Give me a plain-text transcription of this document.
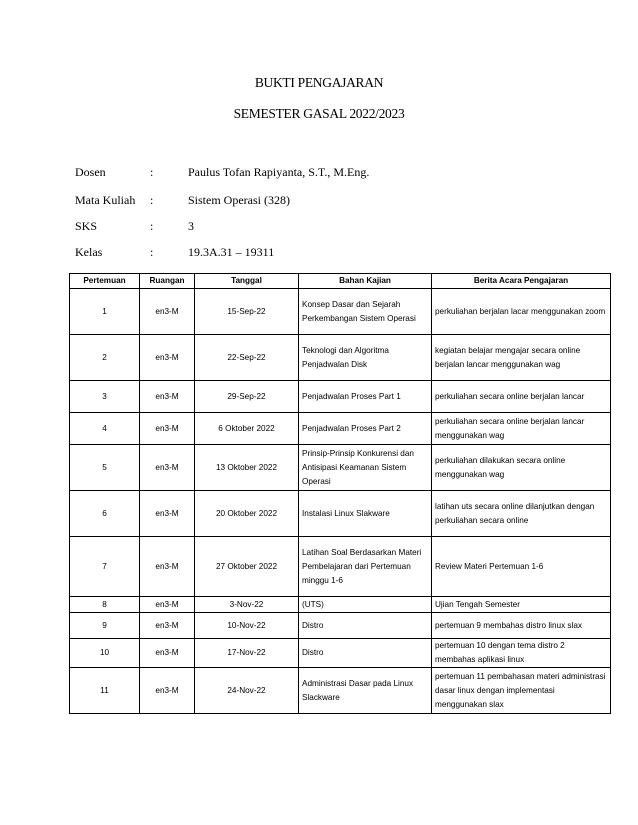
BUKTI PENGAJARAN
SEMESTER GASAL 2022/2023
Dosen	:	Paulus Tofan Rapiyanta, S.T., M.Eng.
Mata Kuliah :	Sistem Operasi (328)
SKS	:	3
Kelas	:	19.3A.31 – 19311
Pertemuan	Ruangan	Tanggal	Bahan Kajian	Berita Acara Pengajaran
1	en3-M	15-Sep-22	Konsep Dasar dan Sejarah Perkembangan Sistem Operasi	perkuliahan berjalan lacar menggunakan zoom
2	en3-M	22-Sep-22	Teknologi dan Algoritma Penjadwalan Disk	kegiatan belajar mengajar secara online berjalan lancar menggunakan wag
3	en3-M	29-Sep-22	Penjadwalan Proses Part 1	perkuliahan secara online berjalan lancar
4	en3-M	6 Oktober 2022	Penjadwalan Proses Part 2	perkuliahan secara online berjalan lancar menggunakan wag
5	en3-M	13 Oktober 2022	Prinsip-Prinsip Konkurensi dan Antisipasi Keamanan Sistem Operasi	perkuliahan dilakukan secara online menggunakan wag
6	en3-M	20 Oktober 2022	Instalasi Linux Slakware	latihan uts secara online dilanjutkan dengan perkuliahan secara online
7	en3-M	27 Oktober 2022	Latihan Soal Berdasarkan Materi Pembelajaran dari Pertemuan minggu 1-6	Review Materi Pertemuan 1-6
8	en3-M	3-Nov-22	(UTS)	Ujian Tengah Semester
9	en3-M	10-Nov-22	Distro	pertemuan 9 membahas distro linux slax
10	en3-M	17-Nov-22	Distro	pertemuan 10 dengan tema distro 2 membahas aplikasi linux
11	en3-M	24-Nov-22	Administrasi Dasar pada Linux Slackware	pertemuan 11 pembahasan materi administrasi dasar linux dengan implementasi menggunakan slax
